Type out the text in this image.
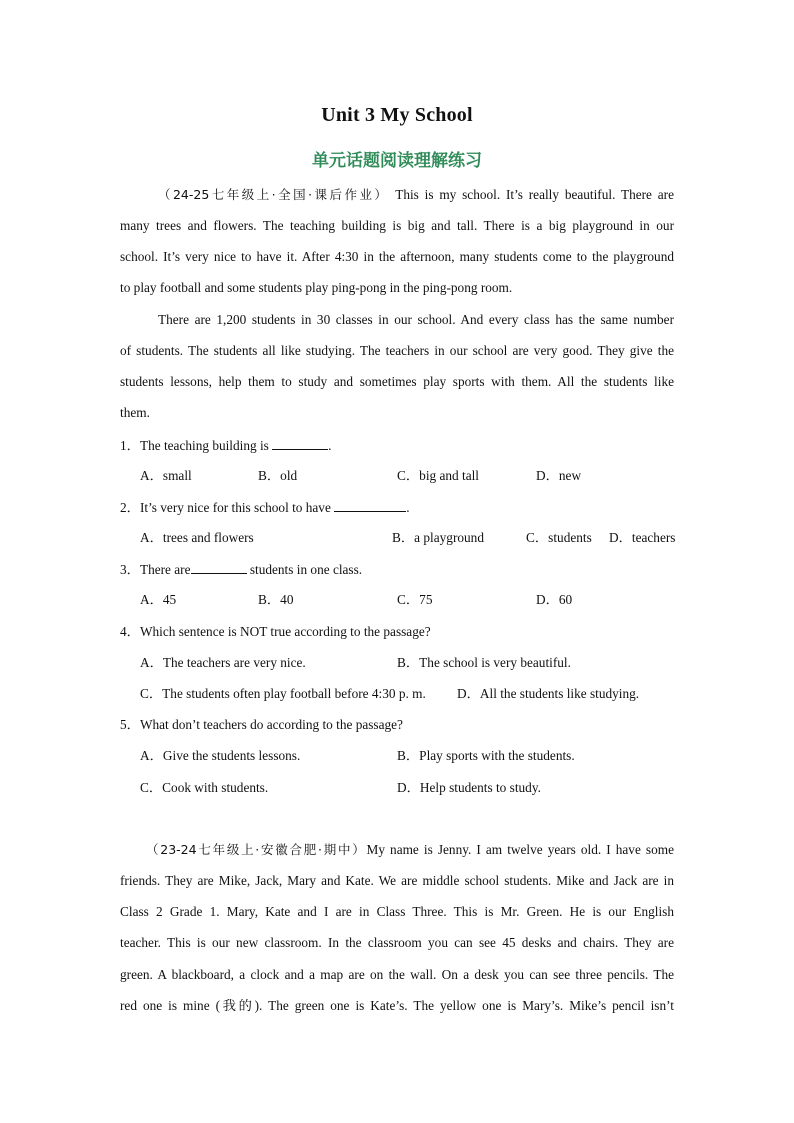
Unit 3 My School
单元话题阅读理解练习
（24-25七年级上·全国·课后作业） This is my school. It’s really beautiful. There are
many trees and flowers. The teaching building is big and tall. There is a big playground in our
school. It’s very nice to have it. After 4:30 in the afternoon, many students come to the playground
to play football and some students play ping-pong in the ping-pong room.
There are 1,200 students in 30 classes in our school. And every class has the same number
of students. The students all like studying. The teachers in our school are very good. They give the
students lessons, help them to study and sometimes play sports with them. All the students like
them.
1．The teaching building is	.
A．small	B．old	C．big and tall	D．new
2．It’s very nice for this school to have	.
A．trees and flowers	B．a playground	C．students D．teachers
3．There are	students in one class.
A．45	B．40	C．75	D．60
4．Which sentence is NOT true according to the passage?
A．The teachers are very nice.	B．The school is very beautiful.
C．The students often play football before 4:30 p. m. D．All the students like studying.
5．What don’t teachers do according to the passage?
A．Give the students lessons.	B．Play sports with the students.
C．Cook with students.	D．Help students to study.
（23-24七年级上·安徽合肥·期中）My name is Jenny. I am twelve years old. I have some
friends. They are Mike, Jack, Mary and Kate. We are middle school students. Mike and Jack are in
Class 2 Grade 1. Mary, Kate and I are in Class Three. This is Mr. Green. He is our English
teacher. This is our new classroom. In the classroom you can see 45 desks and chairs. They are
green. A blackboard, a clock and a map are on the wall. On a desk you can see three pencils. The
red one is mine (我的). The green one is Kate’s. The yellow one is Mary’s. Mike’s pencil isn’t
